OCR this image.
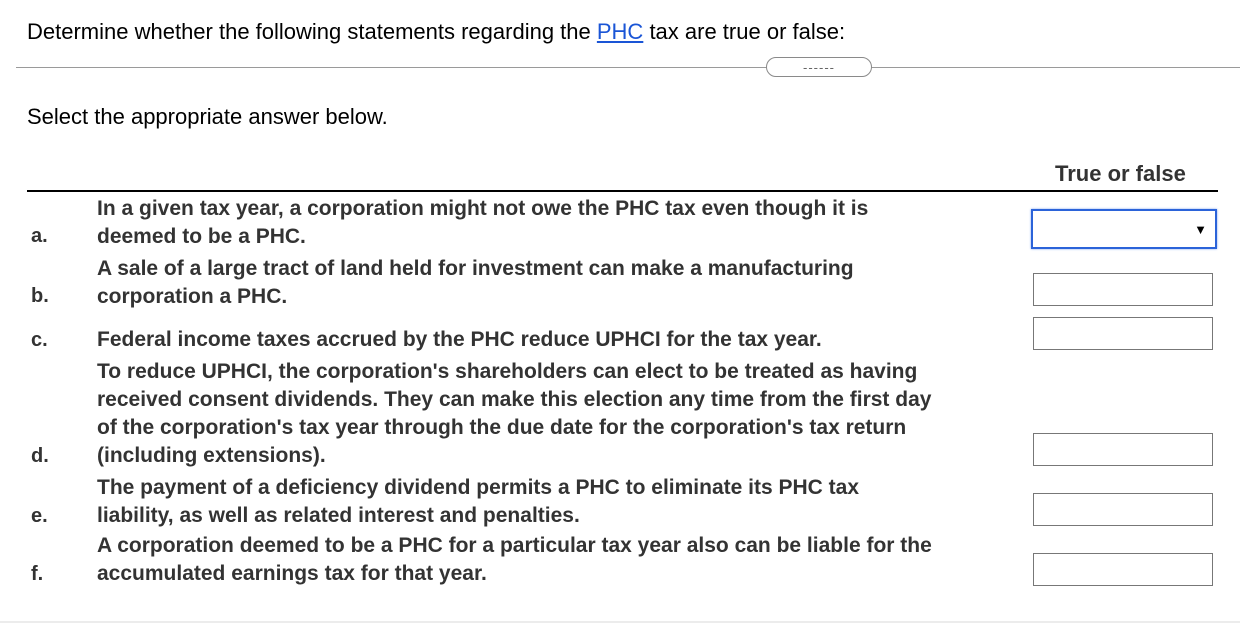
Determine whether the following statements regarding the PHC tax are true or false:
------
Select the appropriate answer below.
True or false
a.
In a given tax year, a corporation might not owe the PHC tax even though it is
deemed to be a PHC.	▼
b.
A sale of a large tract of land held for investment can make a manufacturing
corporation a PHC.
c. Federal income taxes accrued by the PHC reduce UPHCI for the tax year.
d.
To reduce UPHCI, the corporation's shareholders can elect to be treated as having
received consent dividends. They can make this election any time from the first day
of the corporation's tax year through the due date for the corporation's tax return
(including extensions).
e.
The payment of a deficiency dividend permits a PHC to eliminate its PHC tax
liability, as well as related interest and penalties.
f.
A corporation deemed to be a PHC for a particular tax year also can be liable for the
accumulated earnings tax for that year.
